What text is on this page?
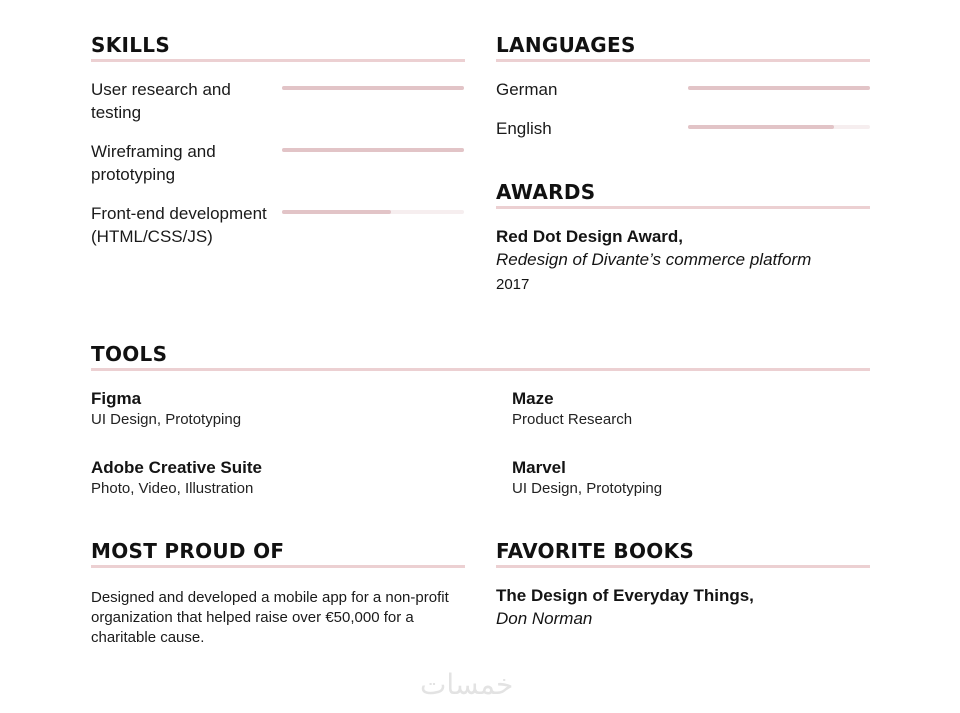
SKILLS
User research and testing
Wireframing and prototyping
Front-end development (HTML/CSS/JS)
LANGUAGES
German
English
AWARDS
Red Dot Design Award,
Redesign of Divante’s commerce platform
2017
TOOLS
Figma
UI Design, Prototyping
Maze
Product Research
Adobe Creative Suite
Photo, Video, Illustration
Marvel
UI Design, Prototyping
MOST PROUD OF
Designed and developed a mobile app for a non-profit organization that helped raise over €50,000 for a charitable cause.
FAVORITE BOOKS
The Design of Everyday Things,
Don Norman
خمسات
